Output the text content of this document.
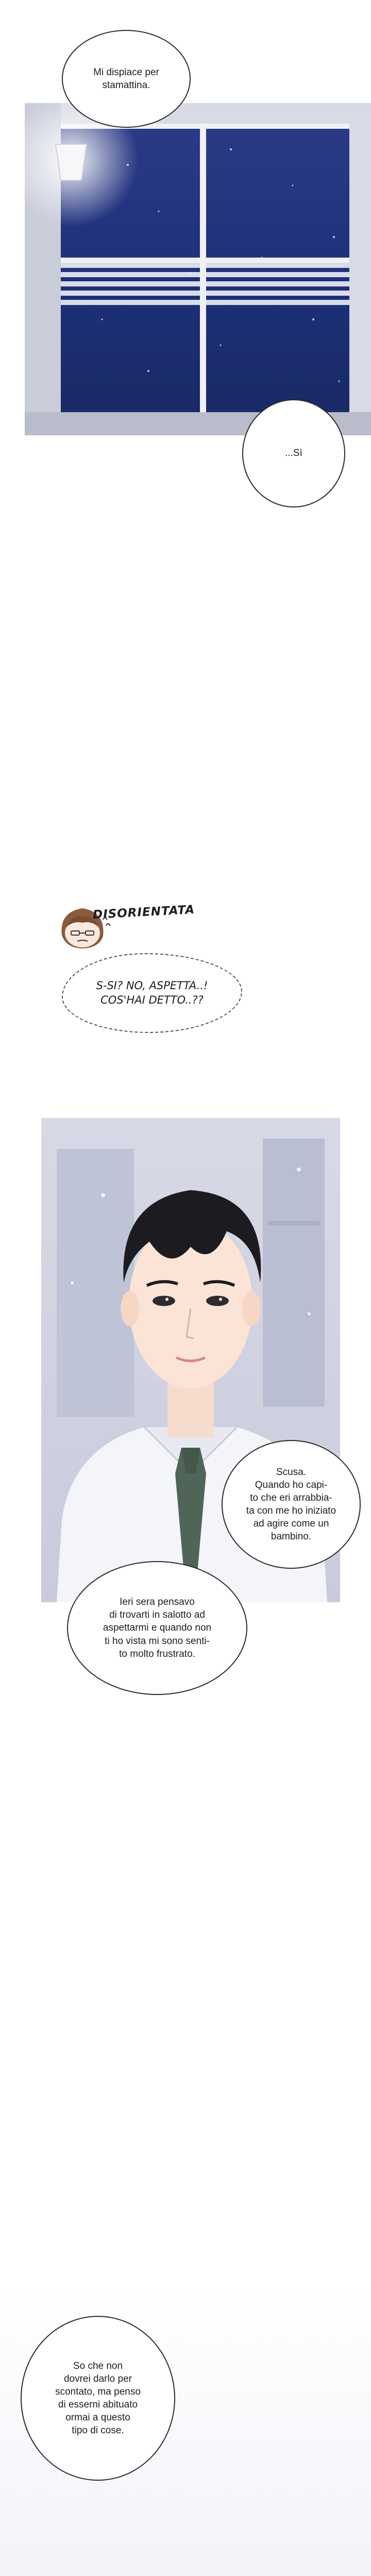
Mi dispiace per
stamattina.
...Sì
DISORIENTATA
S-SI? NO, ASPETTA..!
COS'HAI DETTO..??
Scusa.
Quando ho capi-
to che eri arrabbia-
ta con me ho iniziato
ad agire come un
bambino.
Ieri sera pensavo
di trovarti in salotto ad
aspettarmi e quando non
ti ho vista mi sono senti-
to molto frustrato.
So che non
dovrei darlo per
scontato, ma penso
di esserni abituato
ormai a questo
tipo di cose.
